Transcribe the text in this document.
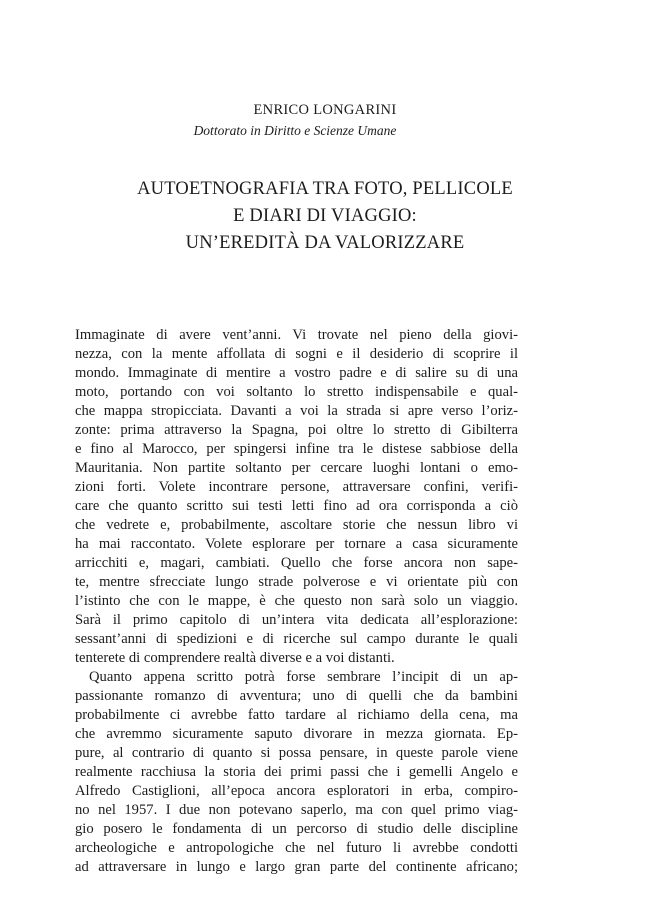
ENRICO LONGARINI
Dottorato in Diritto e Scienze Umane
AUTOETNOGRAFIA TRA FOTO, PELLICOLE
E DIARI DI VIAGGIO:
UN’EREDITÀ DA VALORIZZARE
Immaginate di avere vent’anni. Vi trovate nel pieno della giovi-
nezza, con la mente affollata di sogni e il desiderio di scoprire il
mondo. Immaginate di mentire a vostro padre e di salire su di una
moto, portando con voi soltanto lo stretto indispensabile e qual-
che mappa stropicciata. Davanti a voi la strada si apre verso l’oriz-
zonte: prima attraverso la Spagna, poi oltre lo stretto di Gibilterra
e fino al Marocco, per spingersi infine tra le distese sabbiose della
Mauritania. Non partite soltanto per cercare luoghi lontani o emo-
zioni forti. Volete incontrare persone, attraversare confini, verifi-
care che quanto scritto sui testi letti fino ad ora corrisponda a ciò
che vedrete e, probabilmente, ascoltare storie che nessun libro vi
ha mai raccontato. Volete esplorare per tornare a casa sicuramente
arricchiti e, magari, cambiati. Quello che forse ancora non sape-
te, mentre sfrecciate lungo strade polverose e vi orientate più con
l’istinto che con le mappe, è che questo non sarà solo un viaggio.
Sarà il primo capitolo di un’intera vita dedicata all’esplorazione:
sessant’anni di spedizioni e di ricerche sul campo durante le quali
tenterete di comprendere realtà diverse e a voi distanti.
Quanto appena scritto potrà forse sembrare l’incipit di un ap-
passionante romanzo di avventura; uno di quelli che da bambini
probabilmente ci avrebbe fatto tardare al richiamo della cena, ma
che avremmo sicuramente saputo divorare in mezza giornata. Ep-
pure, al contrario di quanto si possa pensare, in queste parole viene
realmente racchiusa la storia dei primi passi che i gemelli Angelo e
Alfredo Castiglioni, all’epoca ancora esploratori in erba, compiro-
no nel 1957. I due non potevano saperlo, ma con quel primo viag-
gio posero le fondamenta di un percorso di studio delle discipline
archeologiche e antropologiche che nel futuro li avrebbe condotti
ad attraversare in lungo e largo gran parte del continente africano;
